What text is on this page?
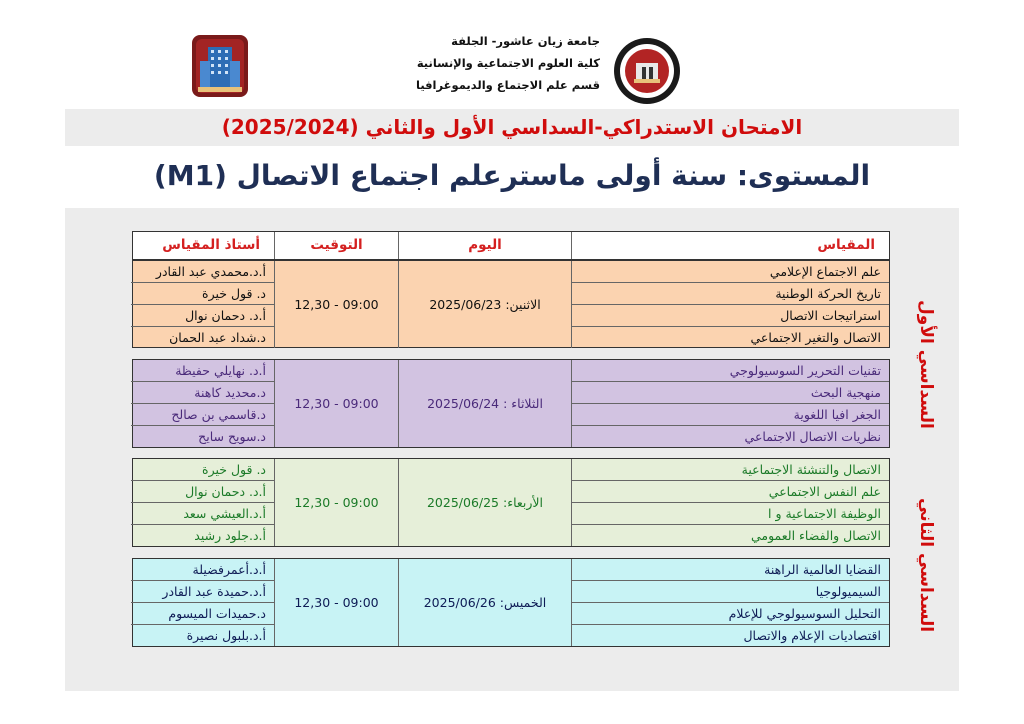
جامعة زيان عاشور- الجلفة
كلية العلوم الاجتماعية والإنسانية
قسم علم الاجتماع والديموغرافيا
الامتحان الاستدراكي-السداسي الأول والثاني (2025/2024)
المستوى: سنة أولى ماسترعلم اجتماع الاتصال (M1)
المقياس
اليوم
التوقيت
أستاذ المقياس
علم الاجتماع الإعلامي
تاريخ الحركة الوطنية
استراتيجات الاتصال
الاتصال والتغير الاجتماعي
الاثنين: 2025/06/23
12,30 - 09:00
أ.د.محمدي عبد القادر
د. قول خيرة
أ.د. دحمان نوال
د.شداد عبد الحمان
تقنيات التحرير السوسيولوجي
منهجية البحث
الجغر افيا اللغوية
نظريات الاتصال الاجتماعي
الثلاثاء : 2025/06/24
12,30 - 09:00
أ.د. نهايلي حفيظة
د.محديد كاهنة
د.قاسمي بن صالح
د.سويح سايح
الاتصال والتنشئة الاجتماعية
علم النفس الاجتماعي
الوظيفة الاجتماعية و ا
الاتصال والفضاء العمومي
الأربعاء: 2025/06/25
12,30 - 09:00
د. قول خيرة
أ.د. دحمان نوال
أ.د.العيشي سعد
أ.د.جلود رشيد
القضايا العالمية الراهنة
السيميولوجيا
التحليل السوسيولوجي للإعلام
اقتصاديات الإعلام والاتصال
الخميس: 2025/06/26
12,30 - 09:00
أ.د.أعمرفضيلة
أ.د.حميدة عبد القادر
د.حميدات الميسوم
أ.د.بلبول نصيرة
السداسي الأول
السداسي الثاني
